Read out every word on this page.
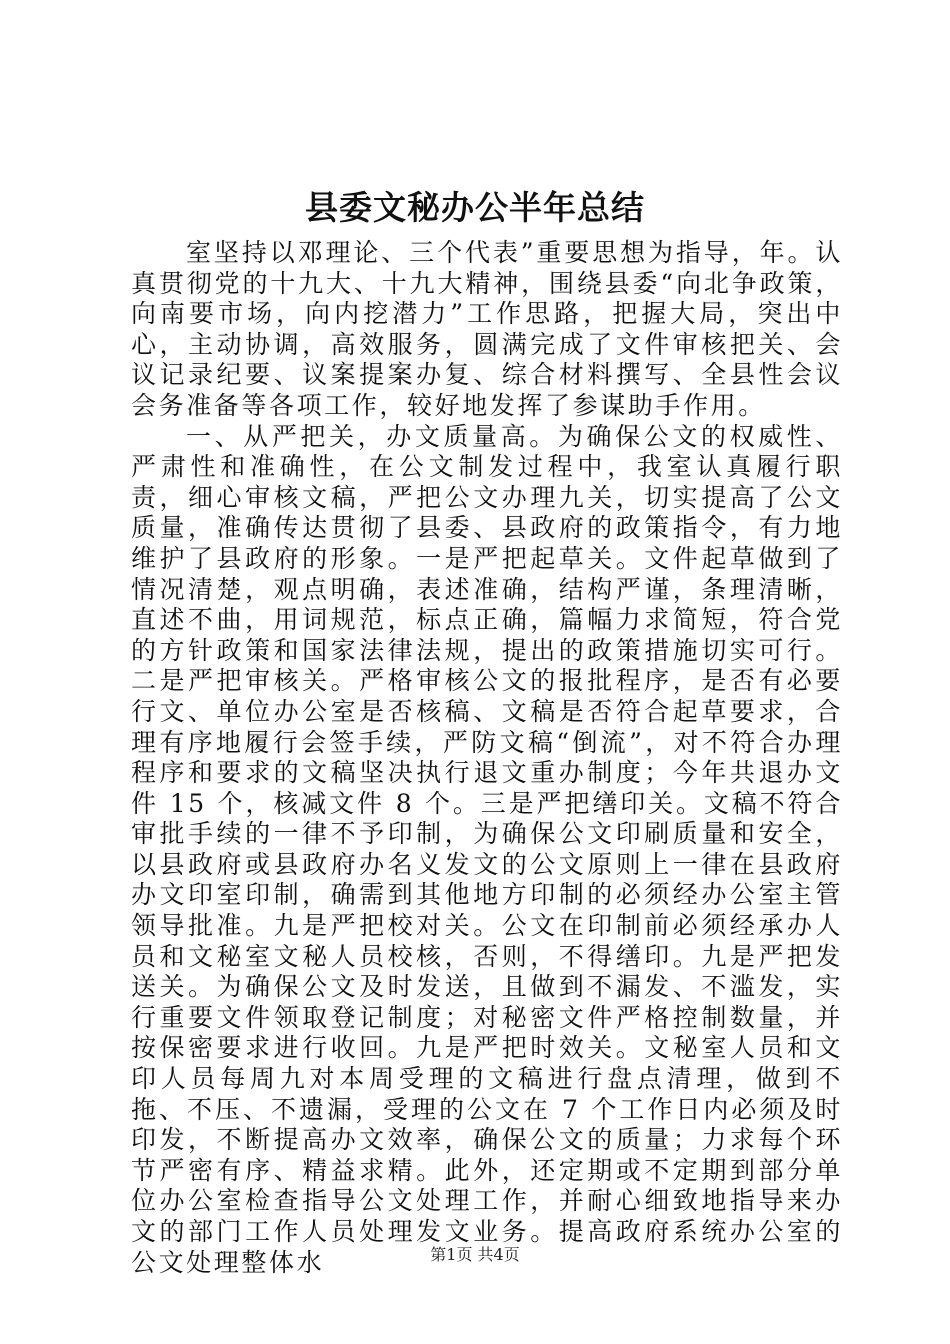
县委文秘办公半年总结

室坚持以邓理论、三个代表”重要思想为指导，年。认真贯彻党的十九大、十九大精神，围绕县委“向北争政策，向南要市场，向内挖潜力”工作思路，把握大局，突出中心，主动协调，高效服务，圆满完成了文件审核把关、会议记录纪要、议案提案办复、综合材料撰写、全县性会议会务准备等各项工作，较好地发挥了参谋助手作用。

一、从严把关，办文质量高。为确保公文的权威性、严肃性和准确性，在公文制发过程中，我室认真履行职责，细心审核文稿，严把公文办理九关，切实提高了公文质量，准确传达贯彻了县委、县政府的政策指令，有力地维护了县政府的形象。一是严把起草关。文件起草做到了情况清楚，观点明确，表述准确，结构严谨，条理清晰，直述不曲，用词规范，标点正确，篇幅力求简短，符合党的方针政策和国家法律法规，提出的政策措施切实可行。二是严把审核关。严格审核公文的报批程序，是否有必要行文、单位办公室是否核稿、文稿是否符合起草要求，合理有序地履行会签手续，严防文稿“倒流”，对不符合办理程序和要求的文稿坚决执行退文重办制度；今年共退办文件 15 个，核减文件 8 个。三是严把缮印关。文稿不符合审批手续的一律不予印制，为确保公文印刷质量和安全，以县政府或县政府办名义发文的公文原则上一律在县政府办文印室印制，确需到其他地方印制的必须经办公室主管领导批准。九是严把校对关。公文在印制前必须经承办人员和文秘室文秘人员校核，否则，不得缮印。九是严把发送关。为确保公文及时发送，且做到不漏发、不滥发，实行重要文件领取登记制度；对秘密文件严格控制数量，并按保密要求进行收回。九是严把时效关。文秘室人员和文印人员每周九对本周受理的文稿进行盘点清理，做到不拖、不压、不遗漏，受理的公文在 7 个工作日内必须及时印发，不断提高办文效率，确保公文的质量；力求每个环节严密有序、精益求精。此外，还定期或不定期到部分单位办公室检查指导公文处理工作，并耐心细致地指导来办文的部门工作人员处理发文业务。提高政府系统办公室的公文处理整体水	第1页 共4页
